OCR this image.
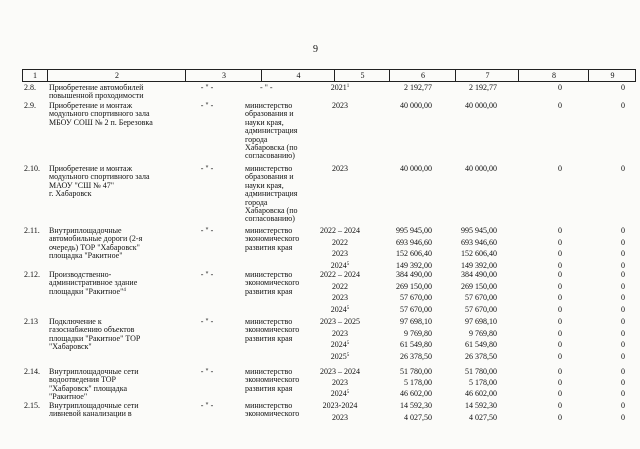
9
1	2	3	4	5	6	7	8	9
2.8. Приобретение автомобилей
повышенной проходимости
- " -	- " -	2021$^1$	2 192,77	2 192,77	0	0
2.9. Приобретение и монтаж
модульного спортивного зала
МБОУ СОШ № 2 п. Березовка
- " -	министерство
образования и
науки края,
администрация
города
Хабаровска (по
согласованию)
2023	40 000,00	40 000,00	0	0
2.10. Приобретение и монтаж
модульного спортивного зала
МАОУ "СШ № 47"
г. Хабаровск
- " -	министерство
образования и
науки края,
администрация
города
Хабаровска (по
согласованию)
2023	40 000,00	40 000,00	0	0
2.11. Внутриплощадочные
автомобильные дороги (2-я
очередь) ТОР "Хабаровск"
площадка "Ракитное"
- " -	министерство
экономического
развития края
2022 – 2024	995 945,00	995 945,00	0	0
2022	693 946,60	693 946,60	0	0
2023	152 606,40	152 606,40	0	0
2024$^5$	149 392,00	149 392,00	0	0
2.12. Производственно-
административное здание
площадки "Ракитное"$^4$
- " -	министерство
экономического
развития края
2022 – 2024	384 490,00	384 490,00	0	0
2022	269 150,00	269 150,00	0	0
2023	57 670,00	57 670,00	0	0
2024$^5$	57 670,00	57 670,00	0	0
2.13 Подключение к
газоснабжению объектов
площадки "Ракитное" ТОР
"Хабаровск"
- " -	министерство
экономического
развития края
2023 – 2025	97 698,10	97 698,10	0	0
2023	9 769,80	9 769,80	0	0
2024$^5$	61 549,80	61 549,80	0	0
2025$^5$	26 378,50	26 378,50	0	0
2.14. Внутриплощадочные сети
водоотведения ТОР
"Хабаровск" площадка
"Ракитное"
- " -	министерство
экономического
развития края
2023 – 2024	51 780,00	51 780,00	0	0
2023	5 178,00	5 178,00	0	0
2024$^5$	46 602,00	46 602,00	0	0
2.15. Внутриплощадочные сети
ливневой канализации в
- " -	министерство
экономического
2023-2024	14 592,30	14 592,30	0	0
2023	4 027,50	4 027,50	0	0
